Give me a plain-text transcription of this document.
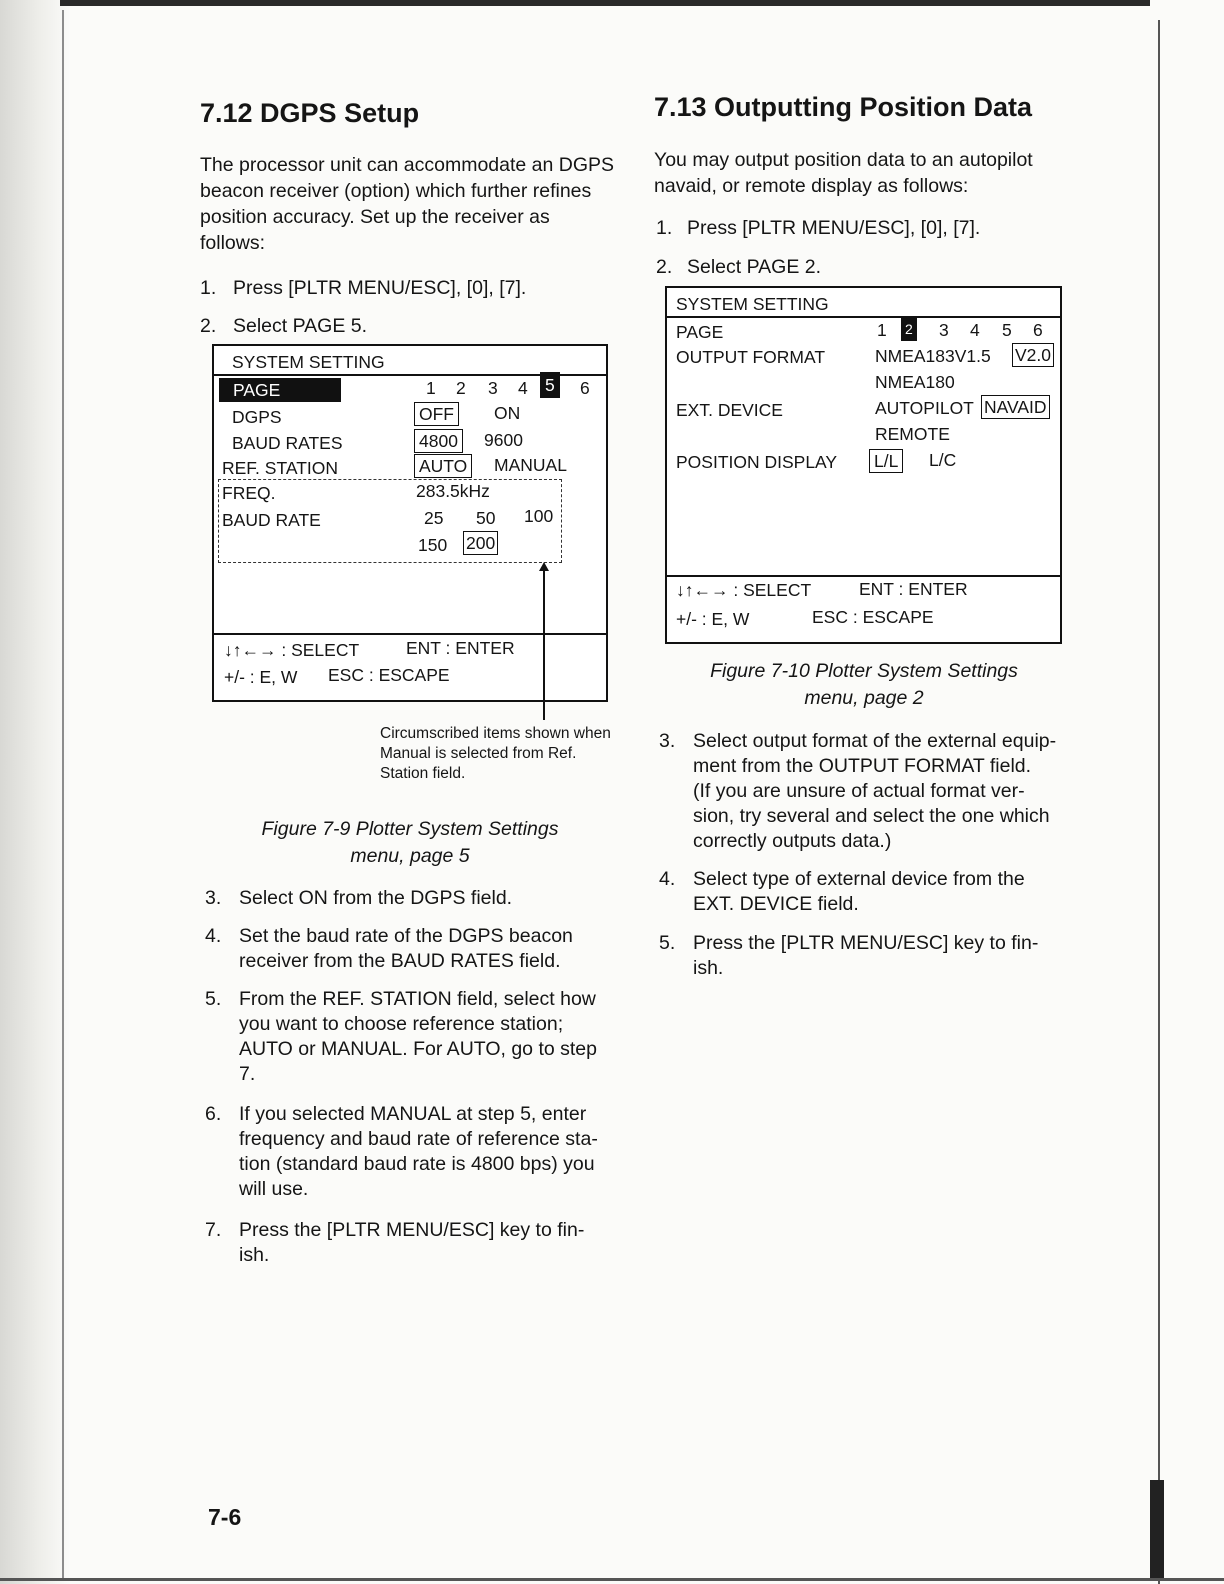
7.12 DGPS Setup
The processor unit can accommodate an DGPS beacon receiver (option) which further refines position accuracy. Set up the receiver as follows:
1. Press [PLTR MENU/ESC], [0], [7].
2. Select PAGE 5.
SYSTEM SETTING
PAGE	1 2 3 4 5 6
DGPS	OFF ON
BAUD RATES	4800 9600
REF. STATION	AUTO MANUAL
FREQ.	283.5kHz
BAUD RATE	25 50 100
150 200
↓↑←→ : SELECT	ENT : ENTER
+/- : E, W ESC : ESCAPE
Circumscribed items shown when Manual is selected from Ref. Station field.
Figure 7-9 Plotter System Settings
menu, page 5
3. Select ON from the DGPS field.
4. Set the baud rate of the DGPS beacon
receiver from the BAUD RATES field.
5. From the REF. STATION field, select how
you want to choose reference station;
AUTO or MANUAL. For AUTO, go to step
7.
6. If you selected MANUAL at step 5, enter
frequency and baud rate of reference sta-
tion (standard baud rate is 4800 bps) you
will use.
7. Press the [PLTR MENU/ESC] key to fin-
ish.
7.13 Outputting Position Data
You may output position data to an autopilot navaid, or remote display as follows:
1. Press [PLTR MENU/ESC], [0], [7].
2. Select PAGE 2.
SYSTEM SETTING
PAGE	1 2 3 4 5 6
OUTPUT FORMAT	NMEA183V1.5 V2.0
NMEA180
EXT. DEVICE	AUTOPILOT NAVAID
REMOTE
POSITION DISPLAY L/L L/C
↓↑←→ : SELECT	ENT : ENTER
+/- : E, W	ESC : ESCAPE
Figure 7-10 Plotter System Settings
menu, page 2
3. Select output format of the external equip-
ment from the OUTPUT FORMAT field.
(If you are unsure of actual format ver-
sion, try several and select the one which
correctly outputs data.)
4. Select type of external device from the
EXT. DEVICE field.
5. Press the [PLTR MENU/ESC] key to fin-
ish.
7-6
